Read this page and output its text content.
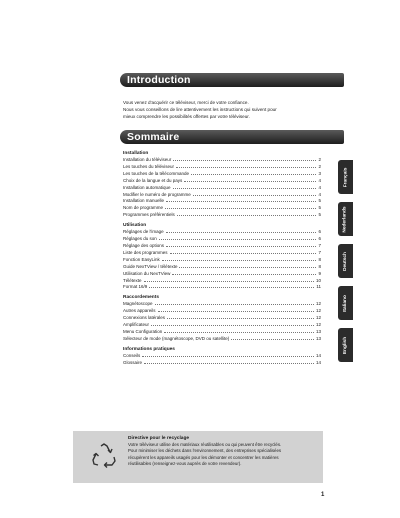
Introduction
Vous venez d'acquérir ce téléviseur, merci de votre confiance.
Nous vous conseillons de lire attentivement les instructions qui suivent pour
mieux comprendre les possibilités offertes par votre téléviseur.
Sommaire
Installation
Installation du téléviseur	2
Les touches du téléviseur	2
Les touches de la télécommande	3
Choix de la langue et du pays	4
Installation automatique	4
Modifier le numéro de programme	4
Installation manuelle	5
Nom de programme	5
Programmes préférentiels	5
Utilisation
Réglages de l'image	6
Réglages du son	6
Réglage des options	7
Liste des programmes	7
Fonction EasyLink	8
Guide NexTView / télétexte	8
Utilisation du NexTView	9
Télétexte	10
Format 16/9	11
Raccordements
Magnétoscope	12
Autres appareils	12
Connexions latérales	12
Amplificateur	12
Menu Configuration	13
Sélecteur de mode (magnétoscope, DVD ou satellite)	13
Informations pratiques
Conseils	14
Glossaire	14
Français
Nederlands
Deutsch
Italiano
English
Directive pour le recyclage
Votre téléviseur utilise des matériaux réutilisables ou qui peuvent être recyclés.
Pour minimiser les déchets dans l'environnement, des entreprises spécialisées
récupèrent les appareils usagés pour les démonter et concentrer les matières
réutilisables (renseignez-vous auprès de votre revendeur).
1
